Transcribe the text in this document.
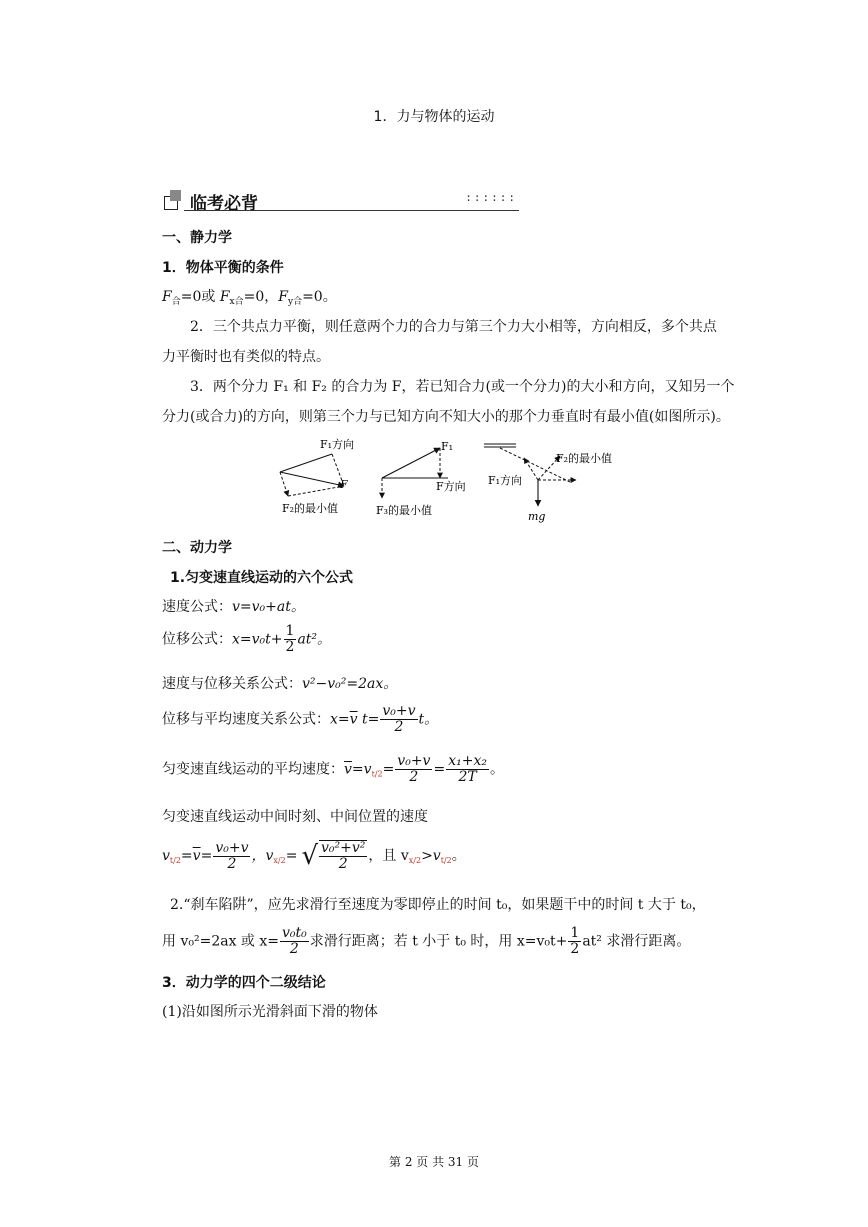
1．力与物体的运动
临考必背	::::::
一、静力学
1．物体平衡的条件
$F_合=0$或 $F_{x合}=0$，$F_{y合}=0$。
2．三个共点力平衡，则任意两个力的合力与第三个力大小相等，方向相反，多个共点
力平衡时也有类似的特点。
3．两个分力 F₁ 和 F₂ 的合力为 F，若已知合力(或一个分力)的大小和方向，又知另一个
分力(或合力)的方向，则第三个力与已知方向不知大小的那个力垂直时有最小值(如图所示)。
F₁方向
F
F₂的最小值
F₁
F方向
F₃的最小值
F₂的最小值
F₁方向
mg
二、动力学
1.匀变速直线运动的六个公式
速度公式：v=v₀+at。
位移公式：$x=v_0t+ \frac{1}{2} at^2$。
速度与位移关系公式：v²−v₀²=2ax。
位移与平均速度关系公式：$x=\overline{v}$ $t= \frac{\text{v₀+v}}{2}$ t。
匀变速直线运动的平均速度：$\overline{v}=v_{t/2}= \frac{\text{v₀+v}}{2} = \frac{\text{x₁+x₂}}{2T}$ 。
匀变速直线运动中间时刻、中间位置的速度
$v_{t/2}=\overline{v}= \frac{\text{v₀+v}}{2}$ ，$v_{x/2}=$ √ $\frac{\text{v₀²+v²}}{2}$ ，且 $v_{x/2}>v_{t/2}$。
2.“刹车陷阱”，应先求滑行至速度为零即停止的时间 t₀，如果题干中的时间 t 大于 t₀，
用 v₀²=2ax 或 $x= \frac{\text{v₀t₀}}{2}$ 求滑行距离；若 t 小于 t₀ 时，用 $x=v_0t+ \frac{1}{2} at^2$ 求滑行距离。
3．动力学的四个二级结论
(1)沿如图所示光滑斜面下滑的物体
第 2 页 共 31 页
